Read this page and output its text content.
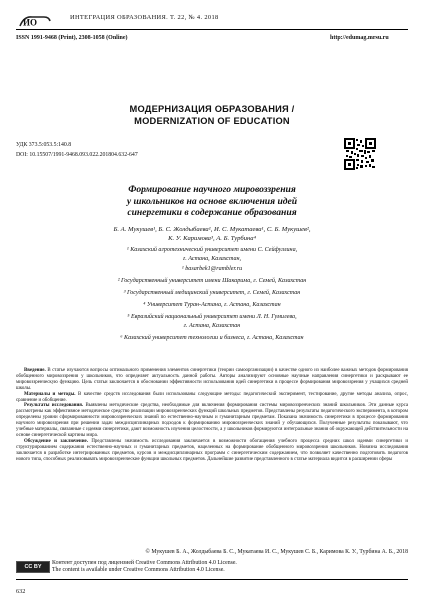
ИО	ИНТЕГРАЦИЯ ОБРАЗОВАНИЯ. Т. 22, № 4. 2018
ISSN 1991-9468 (Print), 2308-1058 (Online)	http://edumag.mrsu.ru
МОДЕРНИЗАЦИЯ ОБРАЗОВАНИЯ /
MODERNIZATION OF EDUCATION
УДК 373.5:053.5:140.8
DOI: 10.15507/1991-9468.093.022.201804.632-647
Формирование научного мировоззрения
у школьников на основе включения идей
синергетики в содержание образования
Б. А. Мукушев¹, Б. С. Жолдыбаева¹, И. С. Мукатаева¹, С. Б. Мукушев²,
К. У. Каримова³, А. Б. Турбина⁴
¹ Казахский агротехнический университет имени С. Сейфуллина,
г. Астана, Казахстан,
¹ basarbek1@rambler.ru
² Государственный университет имени Шакарима, г. Семей, Казахстан
³ Государственный медицинский университет, г. Семей, Казахстан
⁴ Университет Туран-Астана, г. Астана, Казахстан
⁵ Евразийский национальный университет имени Л. Н. Гумилева,
г. Астана, Казахстан
⁶ Казахский университет технологии и бизнеса, г. Астана, Казахстан

Введение. В статье изучаются вопросы оптимального применения элементов синергетики (теории самоорганизации) в качестве одного из наиболее важных методов формирования обобщенного мировоззрения у школьников, что определяет актуальность данной работы. Авторы анализируют основные научные направления синергетики и раскрывают ее мировоззренческую функцию. Цель статьи заключается в обосновании эффективности использования идей синергетики в процессе формирования мировоззрения у учащихся средней школы.

Материалы и методы. В качестве средств исследования были использованы следующие методы: педагогический эксперимент, тестирование, другие методы анализа, опрос, сравнение и обобщение.

Результаты исследования. Выявлены методические средства, необходимые для включения формирования системы мировоззренческих знаний школьников. Эти данные курса рассмотрены как эффективное методическое средство реализации мировоззренческих функций школьных предметов. Представлены результаты педагогического эксперимента, в котором определены уровни сформированности мировоззренческих знаний по естественно-научным и гуманитарным предметам. Показана значимость синергетики в процессе формирования научного мировоззрения при решении задач междисциплинарных подходов к формированию мировоззренческих знаний у обучающихся. Полученные результаты показывают, что учебные материалы, связанные с идеями синергетики, дают возможность изучения целостности, а у школьников формируются интегральные знания об окружающей действительности на основе синергетической картины мира.

Обсуждение и заключение. Представлены значимость исследования заключается в возможности обогащения учебного процесса средних школ идеями синергетики и структурированием содержания естественно-научных и гуманитарных предметов, нацеленных на формирование обобщенного мировоззрения школьников. Новизна исследования заключается в разработке интегрированных предметов, курсов и междисциплинарных программ с синергетическим содержанием, что позволяет качественно подготовить педагогов нового типа, способных реализовывать мировоззренческие функции школьных предметов. Дальнейшие развитие представленного в статье материала видится в расширении сферы

© Мукушев Б. А., Жолдыбаева Б. С., Мукатаева И. С., Мукушев С. Б., Каримова К. У., Турбина А. Б., 2018
CC BY
Контент доступен под лицензией Creative Commons Attribution 4.0 License.
The content is available under Creative Commons Attribution 4.0 License.
632
